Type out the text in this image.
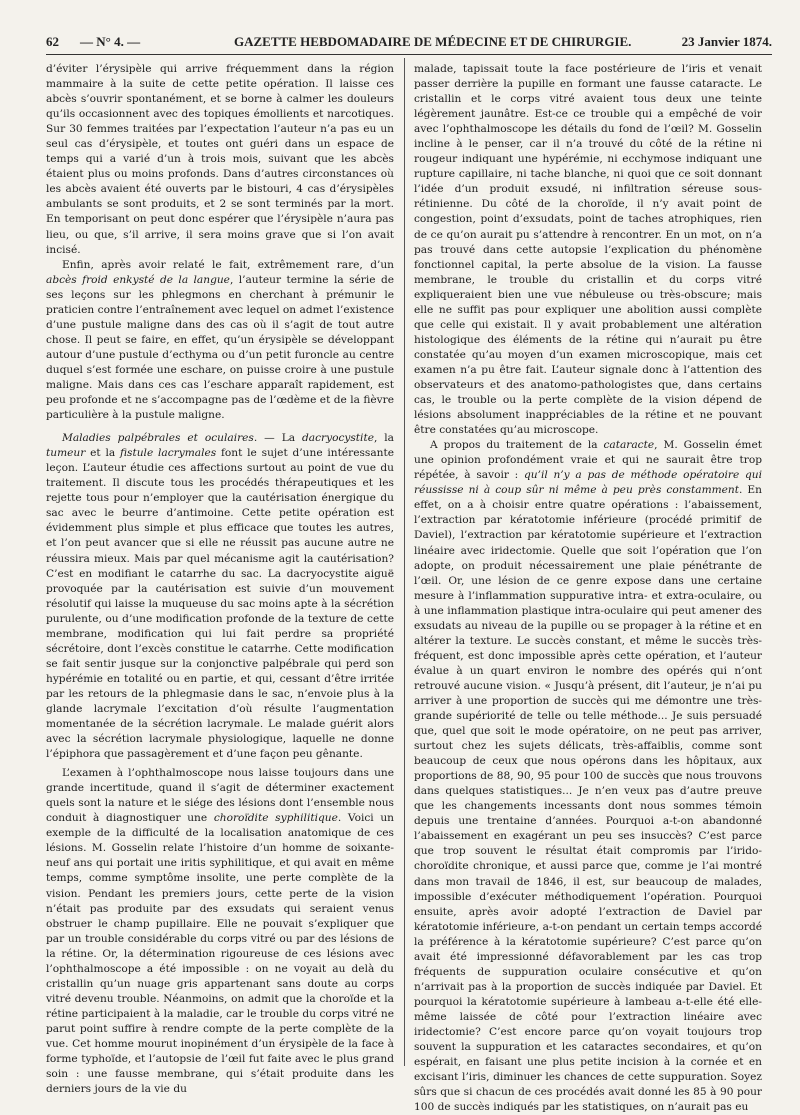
62 — N° 4. —	GAZETTE HEBDOMADAIRE DE MÉDECINE ET DE CHIRURGIE.	23 Janvier 1874.

d’éviter l’érysipèle qui arrive fréquemment dans la région mammaire à la suite de cette petite opération. Il laisse ces abcès s’ouvrir spontanément, et se borne à calmer les douleurs qu’ils occasionnent avec des topiques émollients et narcotiques. Sur 30 femmes traitées par l’expectation l’auteur n’a pas eu un seul cas d’érysipèle, et toutes ont guéri dans un espace de temps qui a varié d’un à trois mois, suivant que les abcès étaient plus ou moins profonds. Dans d’autres circonstances où les abcès avaient été ouverts par le bistouri, 4 cas d’érysipèles ambulants se sont produits, et 2 se sont terminés par la mort. En temporisant on peut donc espérer que l’érysipèle n’aura pas lieu, ou que, s’il arrive, il sera moins grave que si l’on avait incisé.

Enfin, après avoir relaté le fait, extrêmement rare, d’un abcès froid enkysté de la langue, l’auteur termine la série de ses leçons sur les phlegmons en cherchant à prémunir le praticien contre l’entraînement avec lequel on admet l’existence d’une pustule maligne dans des cas où il s’agit de tout autre chose. Il peut se faire, en effet, qu’un érysipèle se développant autour d’une pustule d’ecthyma ou d’un petit furoncle au centre duquel s’est formée une eschare, on puisse croire à une pustule maligne. Mais dans ces cas l’eschare apparaît rapidement, est peu profonde et ne s’accompagne pas de l’œdème et de la fièvre particulière à la pustule maligne.

Maladies palpébrales et oculaires. — La dacryocystite, la tumeur et la fistule lacrymales font le sujet d’une intéressante leçon. L’auteur étudie ces affections surtout au point de vue du traitement. Il discute tous les procédés thérapeutiques et les rejette tous pour n’employer que la cautérisation énergique du sac avec le beurre d’antimoine. Cette petite opération est évidemment plus simple et plus efficace que toutes les autres, et l’on peut avancer que si elle ne réussit pas aucune autre ne réussira mieux. Mais par quel mécanisme agit la cautérisation? C’est en modifiant le catarrhe du sac. La dacryocystite aiguë provoquée par la cautérisation est suivie d’un mouvement résolutif qui laisse la muqueuse du sac moins apte à la sécrétion purulente, ou d’une modification profonde de la texture de cette membrane, modification qui lui fait perdre sa propriété sécrétoire, dont l’excès constitue le catarrhe. Cette modification se fait sentir jusque sur la conjonctive palpébrale qui perd son hypérémie en totalité ou en partie, et qui, cessant d’être irritée par les retours de la phlegmasie dans le sac, n’envoie plus à la glande lacrymale l’excitation d’où résulte l’augmentation momentanée de la sécrétion lacrymale. Le malade guérit alors avec la sécrétion lacrymale physiologique, laquelle ne donne l’épiphora que passagèrement et d’une façon peu gênante.

L’examen à l’ophthalmoscope nous laisse toujours dans une grande incertitude, quand il s’agit de déterminer exactement quels sont la nature et le siége des lésions dont l’ensemble nous conduit à diagnostiquer une choroïdite syphilitique. Voici un exemple de la difficulté de la localisation anatomique de ces lésions. M. Gosselin relate l’histoire d’un homme de soixante-neuf ans qui portait une iritis syphilitique, et qui avait en même temps, comme symptôme insolite, une perte complète de la vision. Pendant les premiers jours, cette perte de la vision n’était pas produite par des exsudats qui seraient venus obstruer le champ pupillaire. Elle ne pouvait s’expliquer que par un trouble considérable du corps vitré ou par des lésions de la rétine. Or, la détermination rigoureuse de ces lésions avec l’ophthalmoscope a été impossible : on ne voyait au delà du cristallin qu’un nuage gris appartenant sans doute au corps vitré devenu trouble. Néanmoins, on admit que la choroïde et la rétine participaient à la maladie, car le trouble du corps vitré ne parut point suffire à rendre compte de la perte complète de la vue. Cet homme mourut inopinément d’un érysipèle de la face à forme typhoïde, et l’autopsie de l’œil fut faite avec le plus grand soin : une fausse membrane, qui s’était produite dans les derniers jours de la vie du

malade, tapissait toute la face postérieure de l’iris et venait passer derrière la pupille en formant une fausse cataracte. Le cristallin et le corps vitré avaient tous deux une teinte légèrement jaunâtre. Est-ce ce trouble qui a empêché de voir avec l’ophthalmoscope les détails du fond de l’œil? M. Gosselin incline à le penser, car il n’a trouvé du côté de la rétine ni rougeur indiquant une hypérémie, ni ecchymose indiquant une rupture capillaire, ni tache blanche, ni quoi que ce soit donnant l’idée d’un produit exsudé, ni infiltration séreuse sous-rétinienne. Du côté de la choroïde, il n’y avait point de congestion, point d’exsudats, point de taches atrophiques, rien de ce qu’on aurait pu s’attendre à rencontrer. En un mot, on n’a pas trouvé dans cette autopsie l’explication du phénomène fonctionnel capital, la perte absolue de la vision. La fausse membrane, le trouble du cristallin et du corps vitré expliqueraient bien une vue nébuleuse ou très-obscure; mais elle ne suffit pas pour expliquer une abolition aussi complète que celle qui existait. Il y avait probablement une altération histologique des éléments de la rétine qui n’aurait pu être constatée qu’au moyen d’un examen microscopique, mais cet examen n’a pu être fait. L’auteur signale donc à l’attention des observateurs et des anatomo-pathologistes que, dans certains cas, le trouble ou la perte complète de la vision dépend de lésions absolument inappréciables de la rétine et ne pouvant être constatées qu’au microscope.

A propos du traitement de la cataracte, M. Gosselin émet une opinion profondément vraie et qui ne saurait être trop répétée, à savoir : qu’il n’y a pas de méthode opératoire qui réussisse ni à coup sûr ni même à peu près constamment. En effet, on a à choisir entre quatre opérations : l’abaissement, l’extraction par kératotomie inférieure (procédé primitif de Daviel), l’extraction par kératotomie supérieure et l’extraction linéaire avec iridectomie. Quelle que soit l’opération que l’on adopte, on produit nécessairement une plaie pénétrante de l’œil. Or, une lésion de ce genre expose dans une certaine mesure à l’inflammation suppurative intra- et extra-oculaire, ou à une inflammation plastique intra-oculaire qui peut amener des exsudats au niveau de la pupille ou se propager à la rétine et en altérer la texture. Le succès constant, et même le succès très-fréquent, est donc impossible après cette opération, et l’auteur évalue à un quart environ le nombre des opérés qui n’ont retrouvé aucune vision. « Jusqu’à présent, dit l’auteur, je n’ai pu arriver à une proportion de succès qui me démontre une très-grande supériorité de telle ou telle méthode... Je suis persuadé que, quel que soit le mode opératoire, on ne peut pas arriver, surtout chez les sujets délicats, très-affaiblis, comme sont beaucoup de ceux que nous opérons dans les hôpitaux, aux proportions de 88, 90, 95 pour 100 de succès que nous trouvons dans quelques statistiques... Je n’en veux pas d’autre preuve que les changements incessants dont nous sommes témoin depuis une trentaine d’années. Pourquoi a-t-on abandonné l’abaissement en exagérant un peu ses insuccès? C’est parce que trop souvent le résultat était compromis par l’irido-choroïdite chronique, et aussi parce que, comme je l’ai montré dans mon travail de 1846, il est, sur beaucoup de malades, impossible d’exécuter méthodiquement l’opération. Pourquoi ensuite, après avoir adopté l’extraction de Daviel par kératotomie inférieure, a-t-on pendant un certain temps accordé la préférence à la kératotomie supérieure? C’est parce qu’on avait été impressionné défavorablement par les cas trop fréquents de suppuration oculaire consécutive et qu’on n’arrivait pas à la proportion de succès indiquée par Daviel. Et pourquoi la kératotomie supérieure à lambeau a-t-elle été elle-même laissée de côté pour l’extraction linéaire avec iridectomie? C’est encore parce qu’on voyait toujours trop souvent la suppuration et les cataractes secondaires, et qu’on espérait, en faisant une plus petite incision à la cornée et en excisant l’iris, diminuer les chances de cette suppuration. Soyez sûrs que si chacun de ces procédés avait donné les 85 à 90 pour 100 de succès indiqués par les statistiques, on n’aurait pas eu
